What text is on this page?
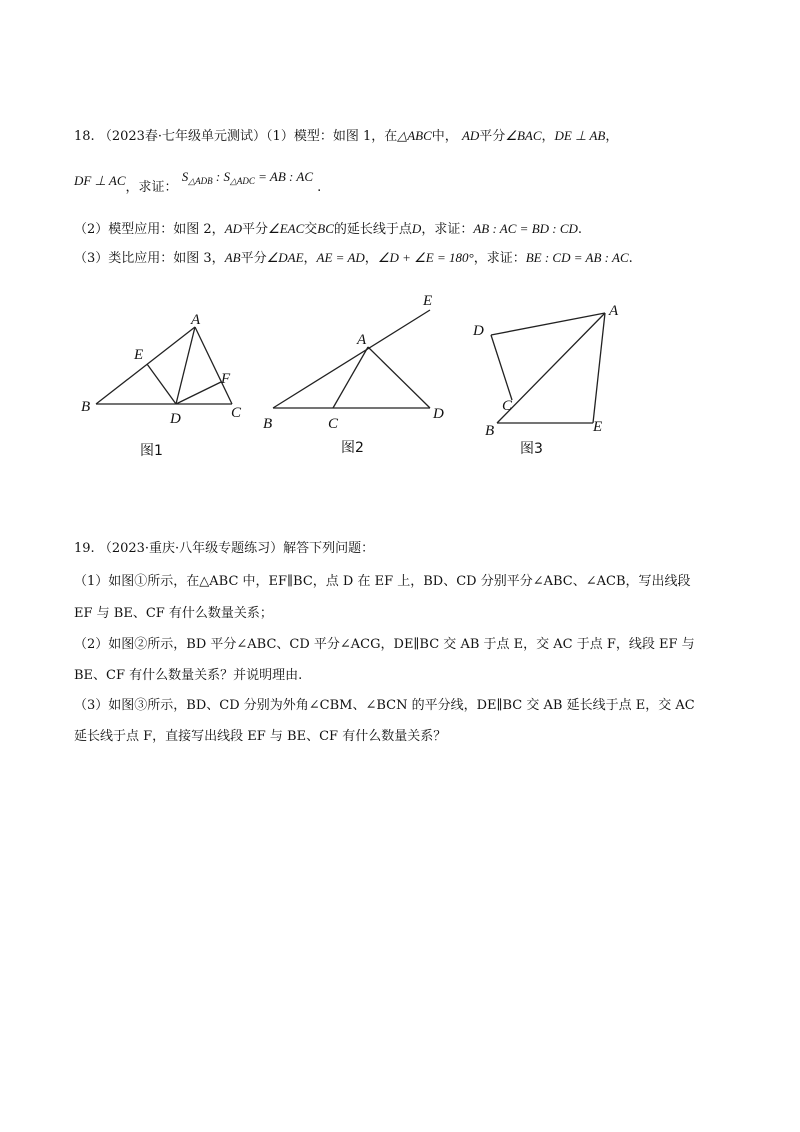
18. （2023春·七年级单元测试）（1）模型：如图 1，在△ABC中， AD平分∠BAC，DE ⊥ AB，
DF ⊥ AC，求证： $S_{\triangle ADB}$ : $S_{\triangle ADC}$ = AB : AC .
（2）模型应用：如图 2，AD平分∠EAC交BC的延长线于点D，求证：AB : AC = BD : CD.
（3）类比应用：如图 3，AB平分∠DAE，AE = AD，∠D + ∠E = 180°，求证：BE : CD = AB : AC.
A
B	C
D
E
F
图1
E
A
B	C
D
图2
A
D
C
B	E
图3
19. （2023·重庆·八年级专题练习）解答下列问题：
（1）如图①所示，在△ABC 中，EF∥BC，点 D 在 EF 上，BD、CD 分别平分∠ABC、∠ACB，写出线段
EF 与 BE、CF 有什么数量关系；
（2）如图②所示，BD 平分∠ABC、CD 平分∠ACG，DE∥BC 交 AB 于点 E，交 AC 于点 F，线段 EF 与
BE、CF 有什么数量关系？并说明理由.
（3）如图③所示，BD、CD 分别为外角∠CBM、∠BCN 的平分线，DE∥BC 交 AB 延长线于点 E，交 AC
延长线于点 F，直接写出线段 EF 与 BE、CF 有什么数量关系？
